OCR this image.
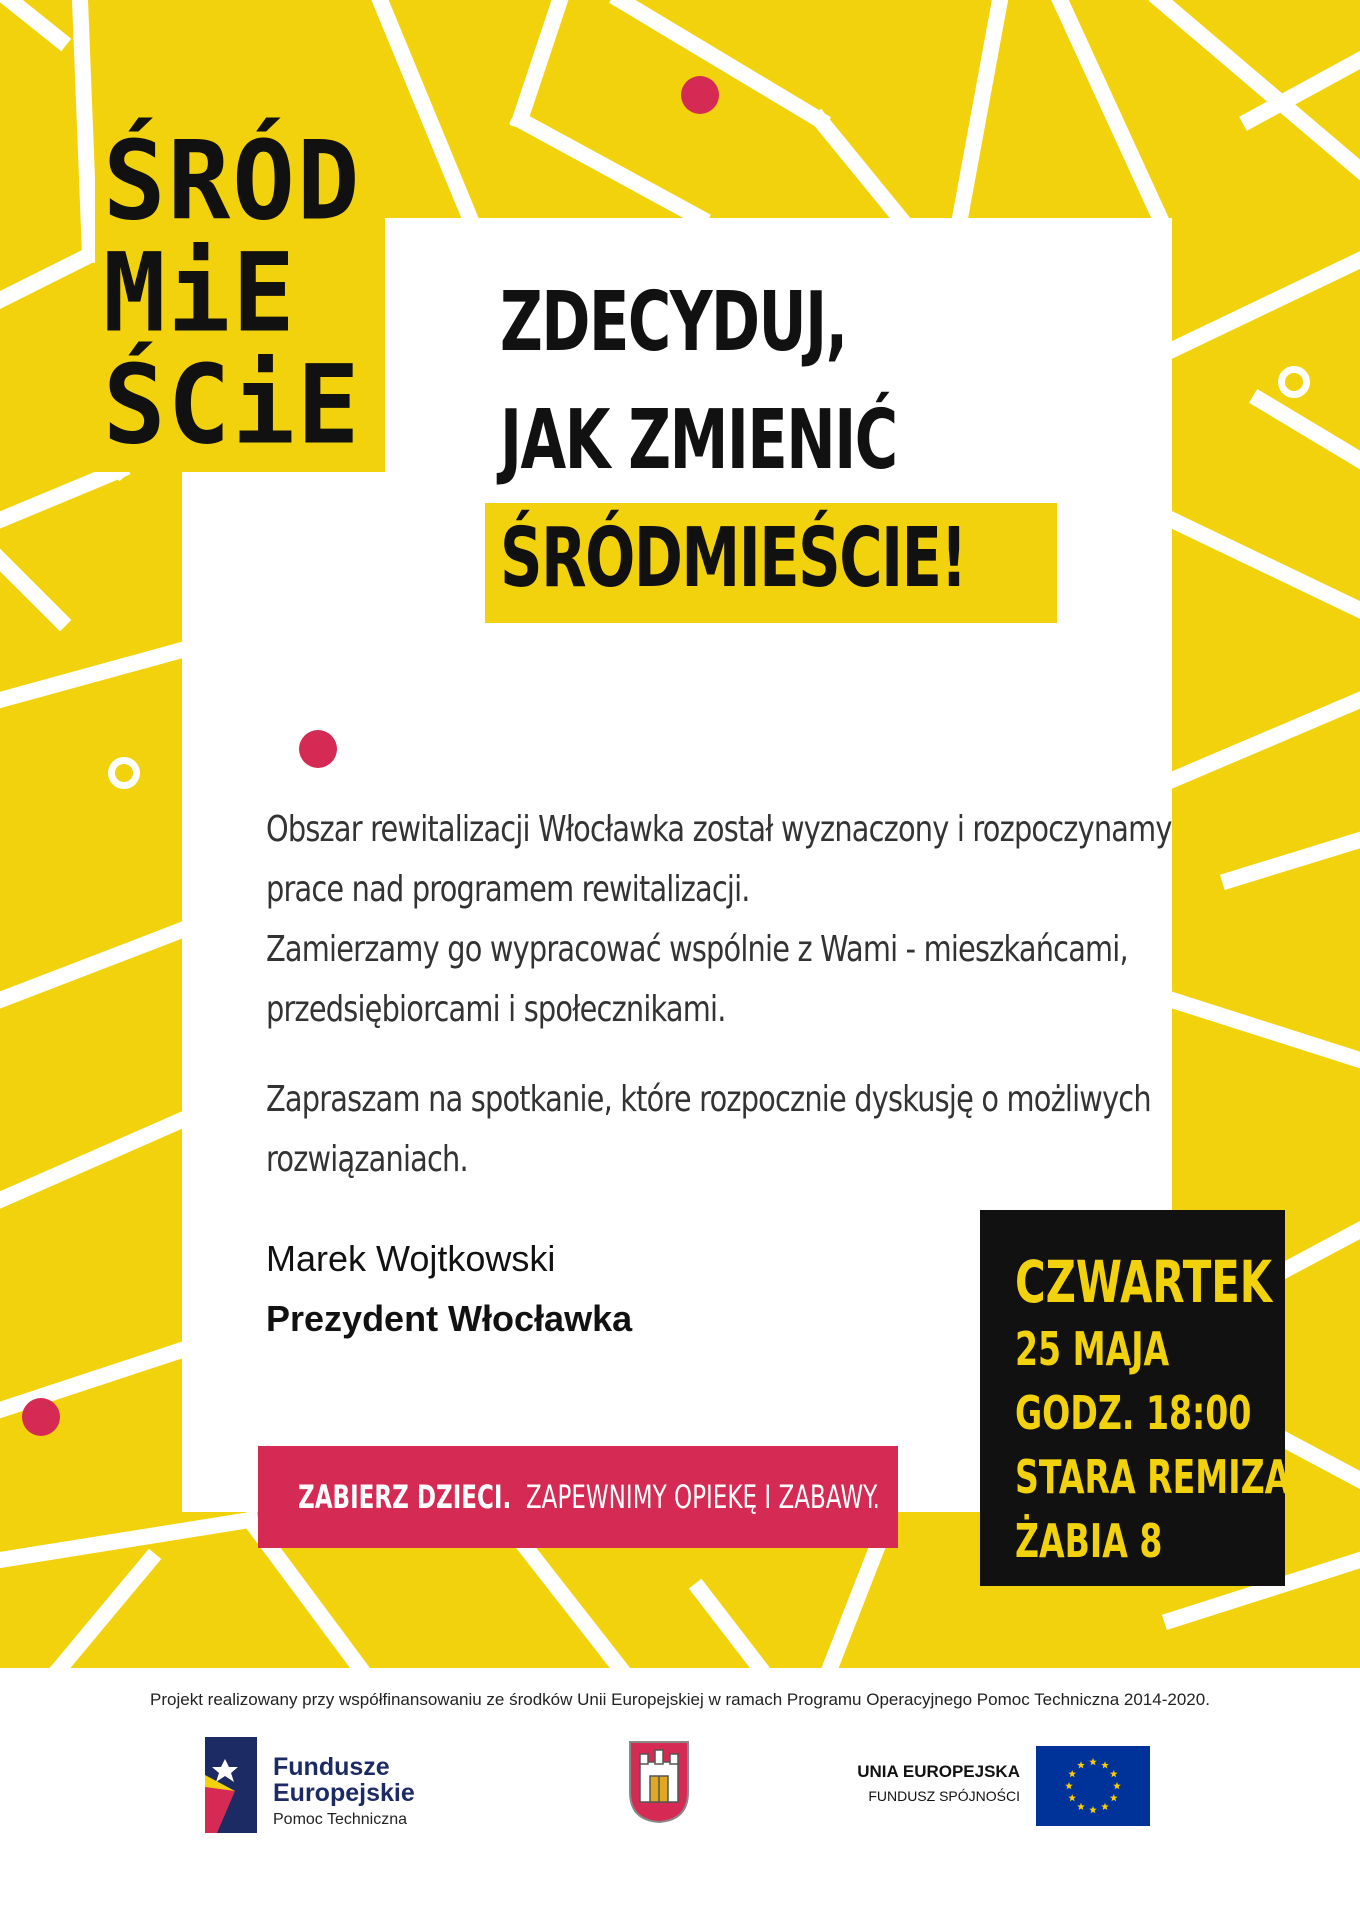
ŚRÓD
MiE
ŚCiE
ZDECYDUJ,
JAK ZMIENIĆ
ŚRÓDMIEŚCIE!
Obszar rewitalizacji Włocławka został wyznaczony i rozpoczynamy
prace nad programem rewitalizacji.
Zamierzamy go wypracować wspólnie z Wami - mieszkańcami,
przedsiębiorcami i społecznikami.
Zapraszam na spotkanie, które rozpocznie dyskusję o możliwych
rozwiązaniach.
Marek Wojtkowski
Prezydent Włocławka
ZABIERZ DZIECI. ZAPEWNIMY OPIEKĘ I ZABAWY.
CZWARTEK
25 MAJA
GODZ. 18:00
STARA REMIZA
ŻABIA 8
Projekt realizowany przy współfinansowaniu ze środków Unii Europejskiej w ramach Programu Operacyjnego Pomoc Techniczna 2014-2020.
Fundusze
Europejskie
Pomoc Techniczna
UNIA EUROPEJSKA
FUNDUSZ SPÓJNOŚCI
